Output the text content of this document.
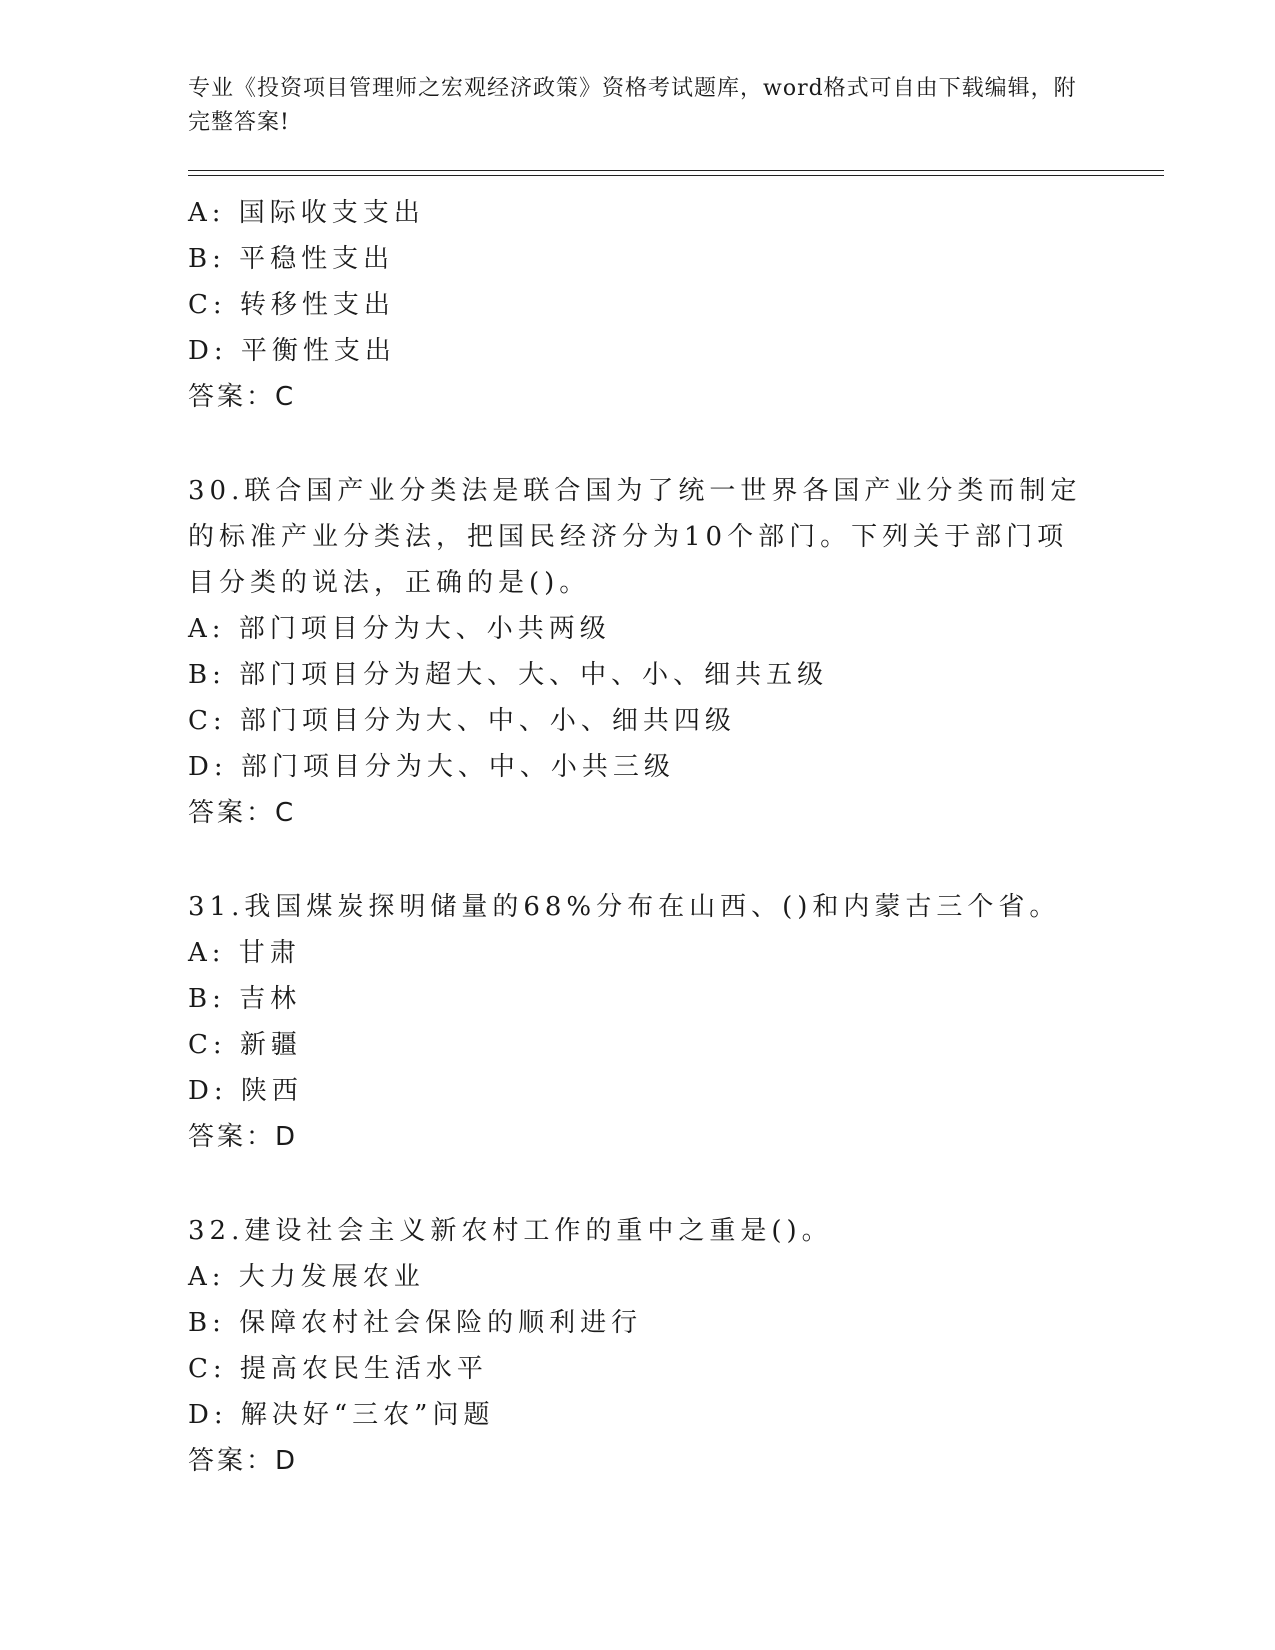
专业《投资项目管理师之宏观经济政策》资格考试题库，word格式可自由下载编辑，附完整答案!
A: 国际收支支出
B: 平稳性支出
C: 转移性支出
D: 平衡性支出
答案：C
30.联合国产业分类法是联合国为了统一世界各国产业分类而制定的标准产业分类法，把国民经济分为10个部门。下列关于部门项目分类的说法，正确的是()。
A: 部门项目分为大、小共两级
B: 部门项目分为超大、大、中、小、细共五级
C: 部门项目分为大、中、小、细共四级
D: 部门项目分为大、中、小共三级
答案：C
31.我国煤炭探明储量的68%分布在山西、()和内蒙古三个省。
A: 甘肃
B: 吉林
C: 新疆
D: 陕西
答案：D
32.建设社会主义新农村工作的重中之重是()。
A: 大力发展农业
B: 保障农村社会保险的顺利进行
C: 提高农民生活水平
D: 解决好“三农”问题
答案：D
